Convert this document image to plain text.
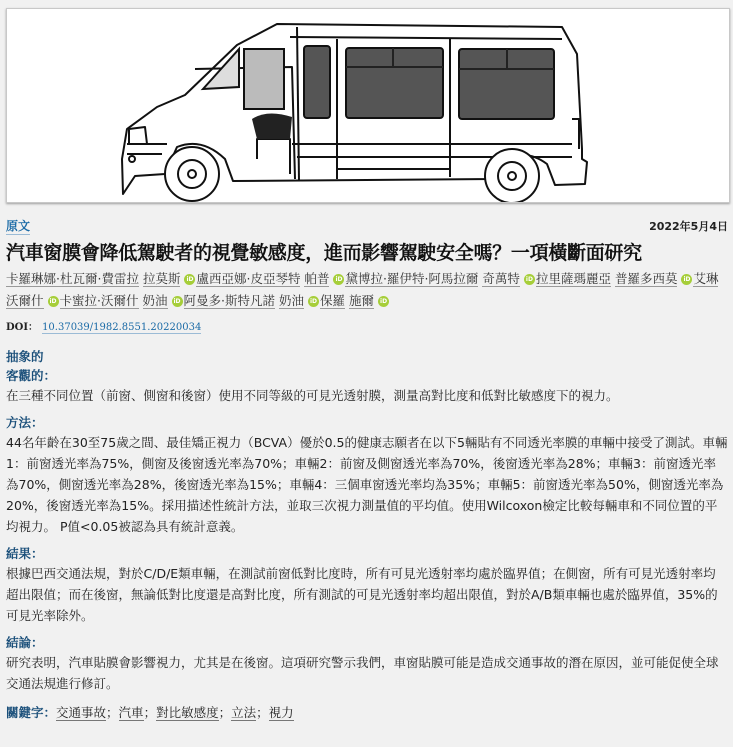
原文	2022年5月4日
汽車窗膜會降低駕駛者的視覺敏感度，進而影響駕駛安全嗎？一項橫斷面研究
卡羅琳娜·杜瓦爾·費雷拉 拉莫斯 iD 盧西亞娜·皮亞琴特 帕普 iD 黛博拉·羅伊特·阿馬拉爾 奇萬特 iD 拉里薩瑪麗亞 普羅多西莫 iD 艾琳沃爾什 iD 卡蜜拉·沃爾什 奶油 iD 阿曼多·斯特凡諾 奶油 iD 保羅 施爾 iD
DOI： 10.37039/1982.8551.20220034
抽象的
客觀的：
在三種不同位置（前窗、側窗和後窗）使用不同等級的可見光透射膜，測量高對比度和低對比敏感度下的視力。
方法：
44名年齡在30至75歲之間、最佳矯正視力（BCVA）優於0.5的健康志願者在以下5輛貼有不同透光率膜的車輛中接受了測試。車輛1：前窗透光率為75%，側窗及後窗透光率為70%；車輛2：前窗及側窗透光率為70%，後窗透光率為28%；車輛3：前窗透光率為70%，側窗透光率為28%，後窗透光率為15%；車輛4：三個車窗透光率均為35%；車輛5：前窗透光率為50%，側窗透光率為20%，後窗透光率為15%。採用描述性統計方法，並取三次視力測量值的平均值。使用Wilcoxon檢定比較每輛車和不同位置的平均視力。 P值<0.05被認為具有統計意義。
結果：
根據巴西交通法規，對於C/D/E類車輛，在測試前窗低對比度時，所有可見光透射率均處於臨界值；在側窗，所有可見光透射率均超出限值；而在後窗，無論低對比度還是高對比度，所有測試的可見光透射率均超出限值，對於A/B類車輛也處於臨界值，35%的可見光率除外。
結論：
研究表明，汽車貼膜會影響視力，尤其是在後窗。這項研究警示我們，車窗貼膜可能是造成交通事故的潛在原因，並可能促使全球交通法規進行修訂。
關鍵字：交通事故；汽車；對比敏感度；立法；視力
